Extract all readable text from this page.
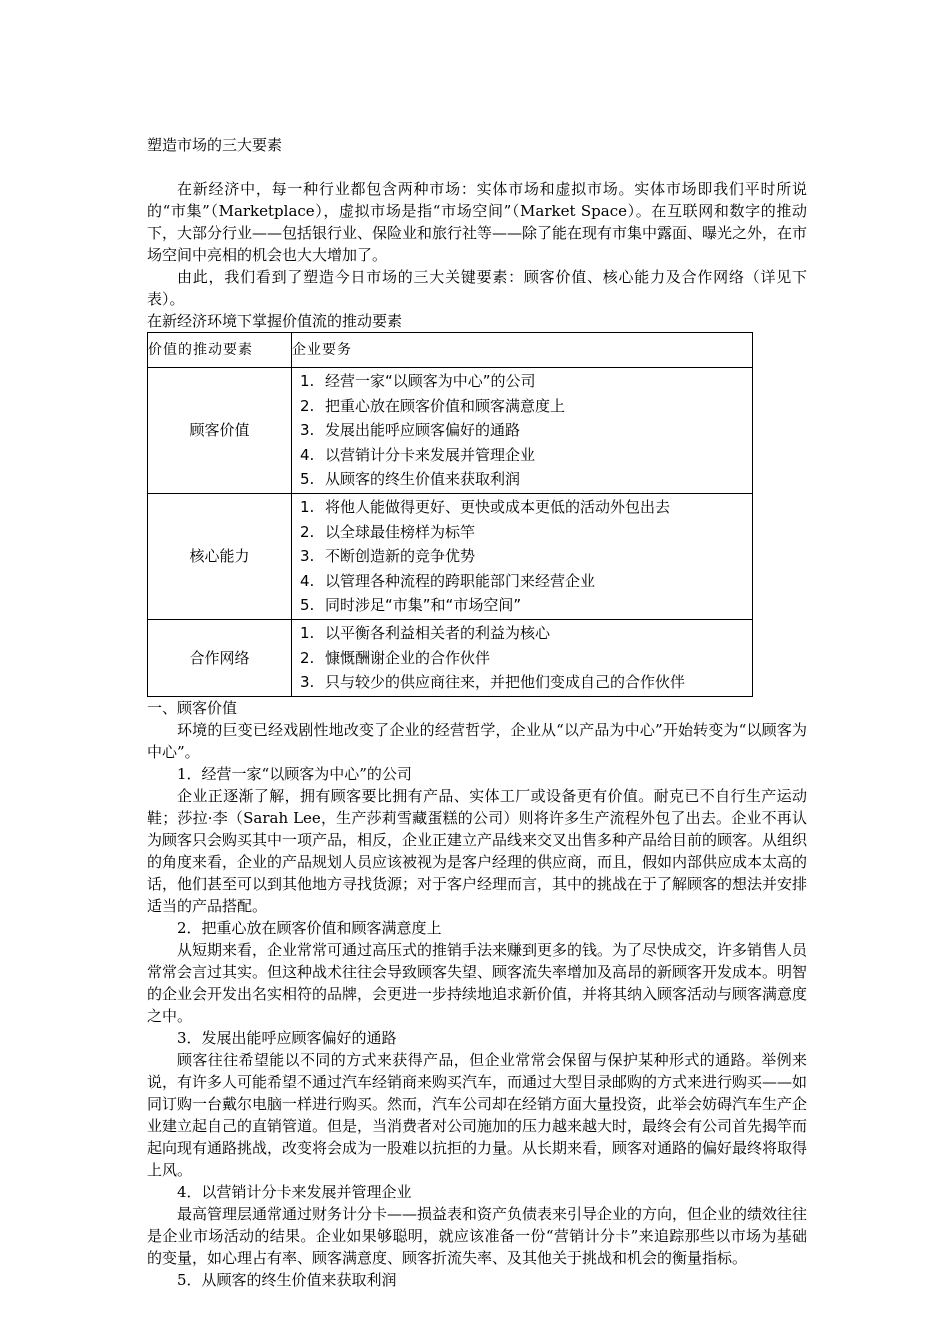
塑造市场的三大要素

在新经济中，每一种行业都包含两种市场：实体市场和虚拟市场。实体市场即我们平时所说的“市集”（Marketplace），虚拟市场是指“市场空间”（Market Space）。在互联网和数字的推动下，大部分行业——包括银行业、保险业和旅行社等——除了能在现有市集中露面、曝光之外，在市场空间中亮相的机会也大大增加了。

由此，我们看到了塑造今日市场的三大关键要素：顾客价值、核心能力及合作网络（详见下表）。

在新经济环境下掌握价值流的推动要素

价值的推动要素	企业要务
顾客价值	1. 经营一家“以顾客为中心”的公司
2. 把重心放在顾客价值和顾客满意度上
3. 发展出能呼应顾客偏好的通路
4. 以营销计分卡来发展并管理企业
5. 从顾客的终生价值来获取利润

核心能力	1. 将他人能做得更好、更快或成本更低的活动外包出去
2. 以全球最佳榜样为标竿
3. 不断创造新的竞争优势
4. 以管理各种流程的跨职能部门来经营企业
5. 同时涉足“市集”和“市场空间”

合作网络	1. 以平衡各利益相关者的利益为核心
2. 慷慨酬谢企业的合作伙伴
3. 只与较少的供应商往来，并把他们变成自己的合作伙伴

一、顾客价值

环境的巨变已经戏剧性地改变了企业的经营哲学，企业从“以产品为中心”开始转变为“以顾客为中心”。

1．经营一家“以顾客为中心”的公司

企业正逐渐了解，拥有顾客要比拥有产品、实体工厂或设备更有价值。耐克已不自行生产运动鞋；莎拉·李（Sarah Lee，生产莎莉雪藏蛋糕的公司）则将许多生产流程外包了出去。企业不再认为顾客只会购买其中一项产品，相反，企业正建立产品线来交叉出售多种产品给目前的顾客。从组织的角度来看，企业的产品规划人员应该被视为是客户经理的供应商，而且，假如内部供应成本太高的话，他们甚至可以到其他地方寻找货源；对于客户经理而言，其中的挑战在于了解顾客的想法并安排适当的产品搭配。

2．把重心放在顾客价值和顾客满意度上

从短期来看，企业常常可通过高压式的推销手法来赚到更多的钱。为了尽快成交，许多销售人员常常会言过其实。但这种战术往往会导致顾客失望、顾客流失率增加及高昂的新顾客开发成本。明智的企业会开发出名实相符的品牌，会更进一步持续地追求新价值，并将其纳入顾客活动与顾客满意度之中。

3．发展出能呼应顾客偏好的通路

顾客往往希望能以不同的方式来获得产品，但企业常常会保留与保护某种形式的通路。举例来说，有许多人可能希望不通过汽车经销商来购买汽车，而通过大型目录邮购的方式来进行购买——如同订购一台戴尔电脑一样进行购买。然而，汽车公司却在经销方面大量投资，此举会妨碍汽车生产企业建立起自己的直销管道。但是，当消费者对公司施加的压力越来越大时，最终会有公司首先揭竿而起向现有通路挑战，改变将会成为一股难以抗拒的力量。从长期来看，顾客对通路的偏好最终将取得上风。

4．以营销计分卡来发展并管理企业

最高管理层通常通过财务计分卡——损益表和资产负债表来引导企业的方向，但企业的绩效往往是企业市场活动的结果。企业如果够聪明，就应该准备一份“营销计分卡”来追踪那些以市场为基础的变量，如心理占有率、顾客满意度、顾客折流失率、及其他关于挑战和机会的衡量指标。

5．从顾客的终生价值来获取利润
